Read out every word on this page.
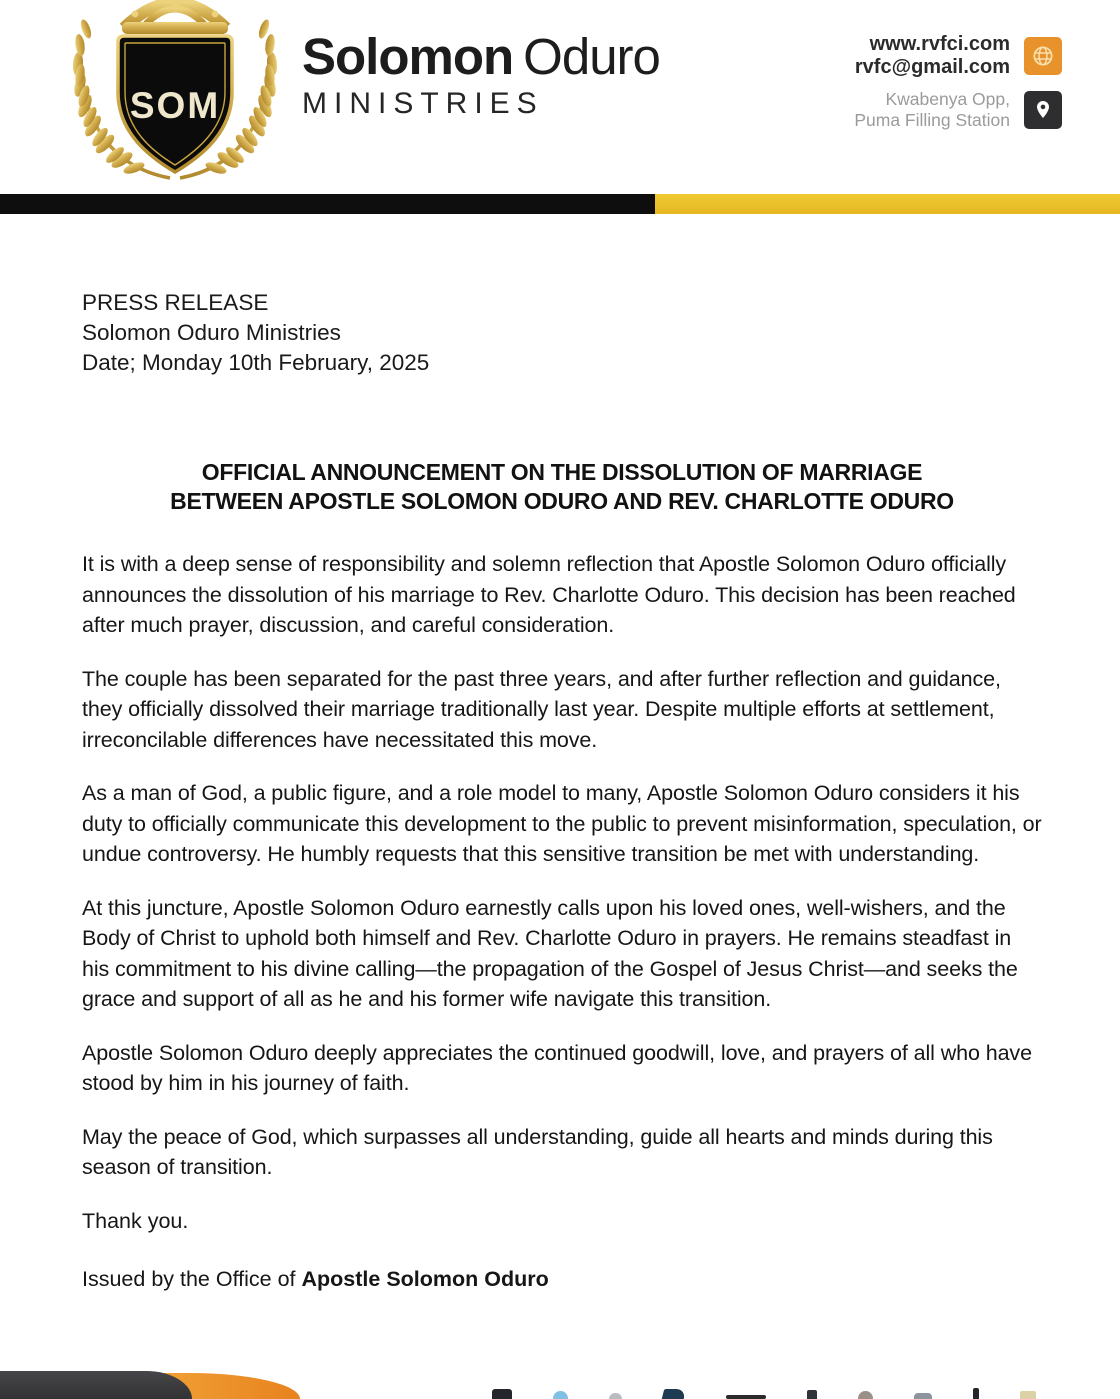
SOM
Solomon Oduro
MINISTRIES
www.rvfci.com
rvfc@gmail.com
Kwabenya Opp,
Puma Filling Station
PRESS RELEASE
Solomon Oduro Ministries
Date; Monday 10th February, 2025
OFFICIAL ANNOUNCEMENT ON THE DISSOLUTION OF MARRIAGE
BETWEEN APOSTLE SOLOMON ODURO AND REV. CHARLOTTE ODURO

It is with a deep sense of responsibility and solemn reflection that Apostle Solomon Oduro officially announces the dissolution of his marriage to Rev. Charlotte Oduro. This decision has been reached after much prayer, discussion, and careful consideration.

The couple has been separated for the past three years, and after further reflection and guidance, they officially dissolved their marriage traditionally last year. Despite multiple efforts at settlement, irreconcilable differences have necessitated this move.

As a man of God, a public figure, and a role model to many, Apostle Solomon Oduro considers it his duty to officially communicate this development to the public to prevent misinformation, speculation, or undue controversy. He humbly requests that this sensitive transition be met with understanding.

At this juncture, Apostle Solomon Oduro earnestly calls upon his loved ones, well-wishers, and the Body of Christ to uphold both himself and Rev. Charlotte Oduro in prayers. He remains steadfast in his commitment to his divine calling—the propagation of the Gospel of Jesus Christ—and seeks the grace and support of all as he and his former wife navigate this transition.

Apostle Solomon Oduro deeply appreciates the continued goodwill, love, and prayers of all who have stood by him in his journey of faith.

May the peace of God, which surpasses all understanding, guide all hearts and minds during this season of transition.

Thank you.
Issued by the Office of Apostle Solomon Oduro
